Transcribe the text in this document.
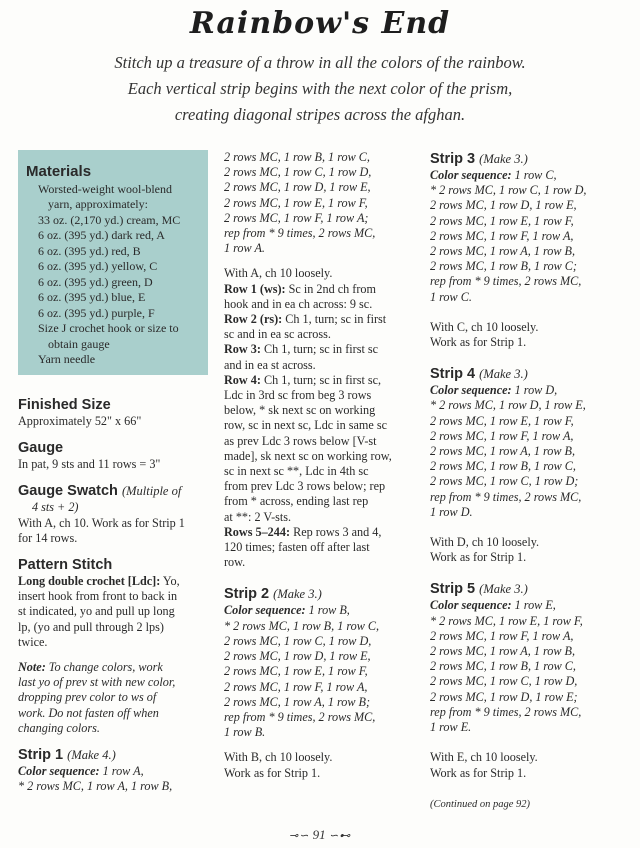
Rainbow's End
Stitch up a treasure of a throw in all the colors of the rainbow.
Each vertical strip begins with the next color of the prism,
creating diagonal stripes across the afghan.
Materials
Worsted-weight wool-blend
yarn, approximately:
33 oz. (2,170 yd.) cream, MC
6 oz. (395 yd.) dark red, A
6 oz. (395 yd.) red, B
6 oz. (395 yd.) yellow, C
6 oz. (395 yd.) green, D
6 oz. (395 yd.) blue, E
6 oz. (395 yd.) purple, F
Size J crochet hook or size to
obtain gauge
Yarn needle
Finished Size
Approximately 52" x 66"
Gauge
In pat, 9 sts and 11 rows = 3"
Gauge Swatch (Multiple of
4 sts + 2)
With A, ch 10. Work as for Strip 1
for 14 rows.
Pattern Stitch
Long double crochet [Ldc]: Yo,
insert hook from front to back in
st indicated, yo and pull up long
lp, (yo and pull through 2 lps)
twice.
Note: To change colors, work
last yo of prev st with new color,
dropping prev color to ws of
work. Do not fasten off when
changing colors.
Strip 1 (Make 4.)
Color sequence: 1 row A,
* 2 rows MC, 1 row A, 1 row B,
2 rows MC, 1 row B, 1 row C,
2 rows MC, 1 row C, 1 row D,
2 rows MC, 1 row D, 1 row E,
2 rows MC, 1 row E, 1 row F,
2 rows MC, 1 row F, 1 row A;
rep from * 9 times, 2 rows MC,
1 row A.
With A, ch 10 loosely.
Row 1 (ws): Sc in 2nd ch from
hook and in ea ch across: 9 sc.
Row 2 (rs): Ch 1, turn; sc in first
sc and in ea sc across.
Row 3: Ch 1, turn; sc in first sc
and in ea st across.
Row 4: Ch 1, turn; sc in first sc,
Ldc in 3rd sc from beg 3 rows
below, * sk next sc on working
row, sc in next sc, Ldc in same sc
as prev Ldc 3 rows below [V-st
made], sk next sc on working row,
sc in next sc **, Ldc in 4th sc
from prev Ldc 3 rows below; rep
from * across, ending last rep
at **: 2 V-sts.
Rows 5–244: Rep rows 3 and 4,
120 times; fasten off after last
row.
Strip 2 (Make 3.)
Color sequence: 1 row B,
* 2 rows MC, 1 row B, 1 row C,
2 rows MC, 1 row C, 1 row D,
2 rows MC, 1 row D, 1 row E,
2 rows MC, 1 row E, 1 row F,
2 rows MC, 1 row F, 1 row A,
2 rows MC, 1 row A, 1 row B;
rep from * 9 times, 2 rows MC,
1 row B.
With B, ch 10 loosely.
Work as for Strip 1.
Strip 3 (Make 3.)
Color sequence: 1 row C,
* 2 rows MC, 1 row C, 1 row D,
2 rows MC, 1 row D, 1 row E,
2 rows MC, 1 row E, 1 row F,
2 rows MC, 1 row F, 1 row A,
2 rows MC, 1 row A, 1 row B,
2 rows MC, 1 row B, 1 row C;
rep from * 9 times, 2 rows MC,
1 row C.
With C, ch 10 loosely.
Work as for Strip 1.
Strip 4 (Make 3.)
Color sequence: 1 row D,
* 2 rows MC, 1 row D, 1 row E,
2 rows MC, 1 row E, 1 row F,
2 rows MC, 1 row F, 1 row A,
2 rows MC, 1 row A, 1 row B,
2 rows MC, 1 row B, 1 row C,
2 rows MC, 1 row C, 1 row D;
rep from * 9 times, 2 rows MC,
1 row D.
With D, ch 10 loosely.
Work as for Strip 1.
Strip 5 (Make 3.)
Color sequence: 1 row E,
* 2 rows MC, 1 row E, 1 row F,
2 rows MC, 1 row F, 1 row A,
2 rows MC, 1 row A, 1 row B,
2 rows MC, 1 row B, 1 row C,
2 rows MC, 1 row C, 1 row D,
2 rows MC, 1 row D, 1 row E;
rep from * 9 times, 2 rows MC,
1 row E.
With E, ch 10 loosely.
Work as for Strip 1.
(Continued on page 92)
⊸∽ 91 ∽⊷
